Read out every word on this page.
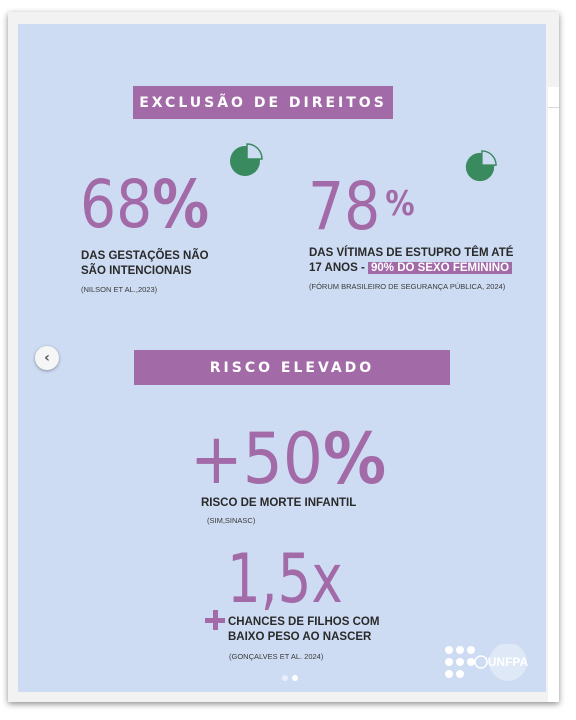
EXCLUSÃO DE DIREITOS
68%
DAS GESTAÇÕES NÃO
SÃO INTENCIONAIS
(NILSON ET AL.,2023)
78 %
DAS VÍTIMAS DE ESTUPRO TÊM ATÉ
17 ANOS - 90% DO SEXO FEMININO
(FÓRUM BRASILEIRO DE SEGURANÇA PÚBLICA, 2024)
RISCO ELEVADO
+50%
RISCO DE MORTE INFANTIL
(SIM,SINASC)
1,5x
CHANCES DE FILHOS COM
BAIXO PESO AO NASCER
(GONÇALVES ET AL. 2024)	UNFPA
‹
